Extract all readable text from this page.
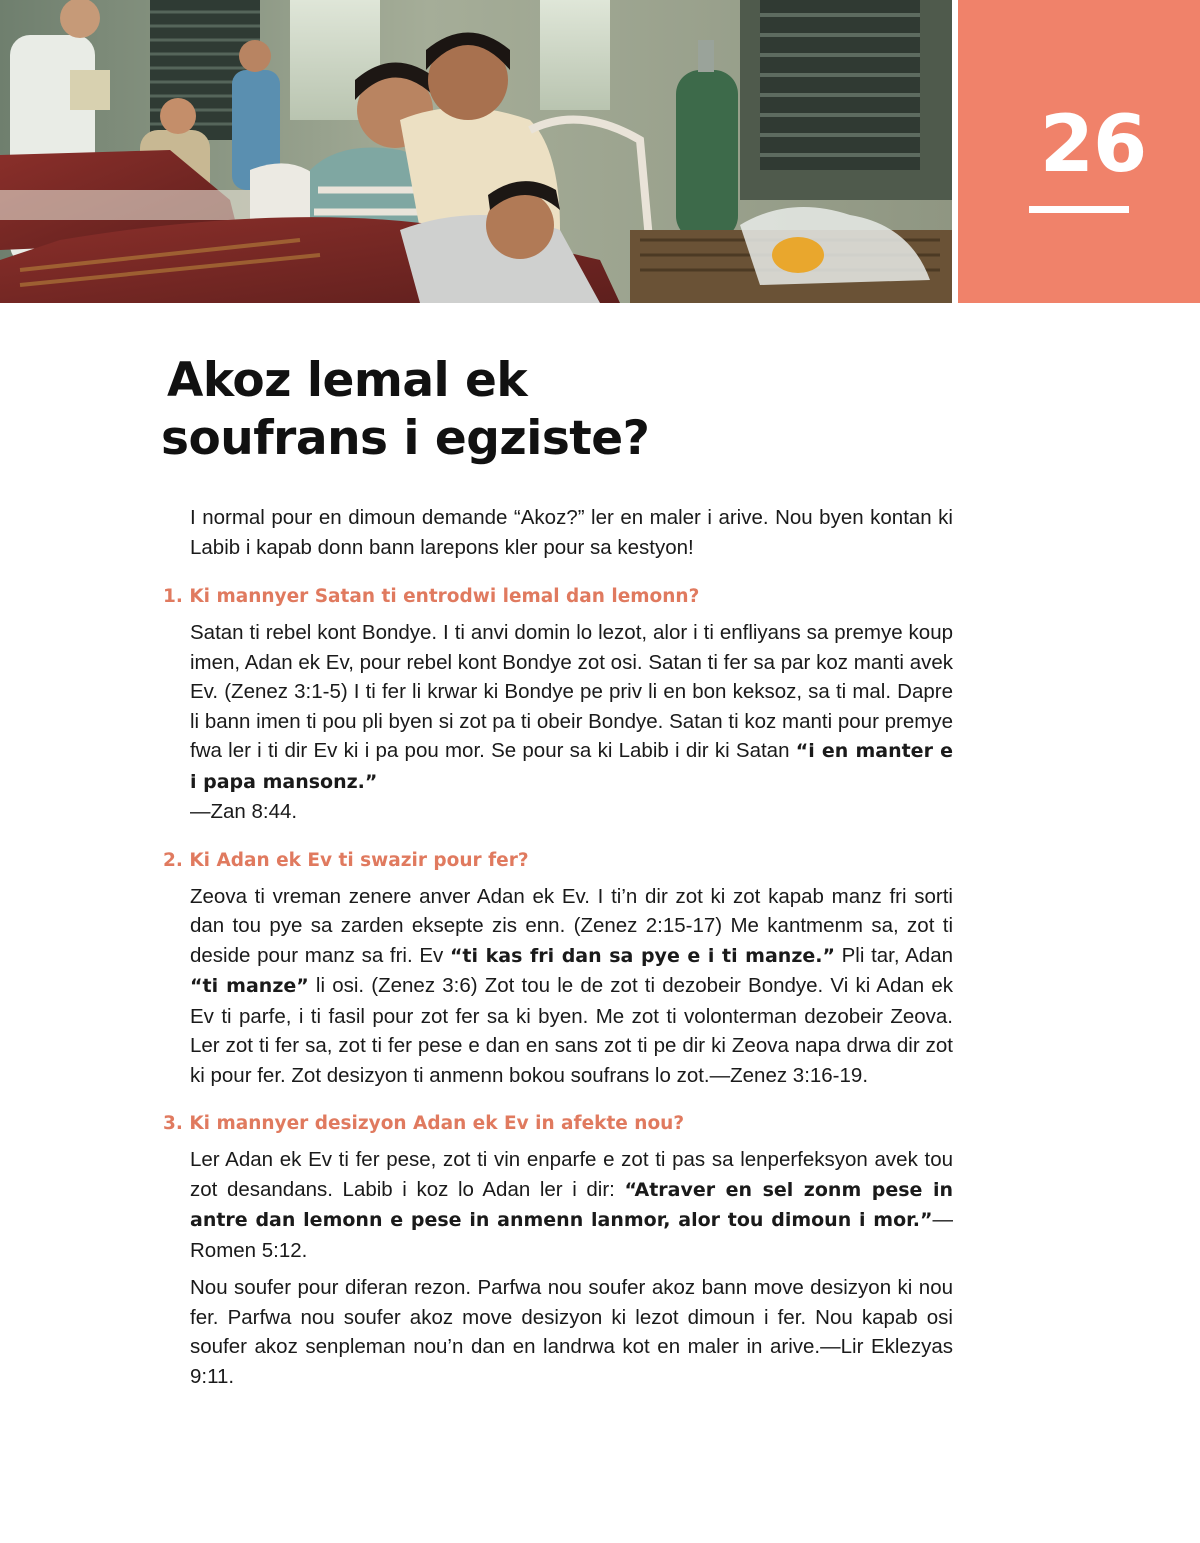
26
Akoz lemal ek
soufrans i egziste?

I normal pour en dimoun demande “Akoz?” ler en maler i arive. Nou byen kontan ki Labib i kapab donn bann larepons kler pour sa kestyon!

1. Ki mannyer Satan ti entrodwi lemal dan lemonn?

Satan ti rebel kont Bondye. I ti anvi domin lo lezot, alor i ti enfliyans sa premye koup imen, Adan ek Ev, pour rebel kont Bondye zot osi. Satan ti fer sa par koz manti avek Ev. (Zenez 3:1-5) I ti fer li krwar ki Bondye pe priv li en bon keksoz, sa ti mal. Dapre li bann imen ti pou pli byen si zot pa ti obeir Bondye. Satan ti koz manti pour premye fwa ler i ti dir Ev ki i pa pou mor. Se pour sa ki Labib i dir ki Satan “i en manter e i papa mansonz.”
—Zan 8:44.

2. Ki Adan ek Ev ti swazir pour fer?

Zeova ti vreman zenere anver Adan ek Ev. I ti’n dir zot ki zot kapab manz fri sorti dan tou pye sa zarden eksepte zis enn. (Zenez 2:15-17) Me kantmenm sa, zot ti deside pour manz sa fri. Ev “ti kas fri dan sa pye e i ti manze.” Pli tar, Adan “ti manze” li osi. (Zenez 3:6) Zot tou le de zot ti dezobeir Bondye. Vi ki Adan ek Ev ti parfe, i ti fasil pour zot fer sa ki byen. Me zot ti volonterman dezobeir Zeova. Ler zot ti fer sa, zot ti fer pese e dan en sans zot ti pe dir ki Zeova napa drwa dir zot ki pour fer. Zot desizyon ti anmenn bokou soufrans lo zot.—Zenez 3:16-19.

3. Ki mannyer desizyon Adan ek Ev in afekte nou?

Ler Adan ek Ev ti fer pese, zot ti vin enparfe e zot ti pas sa lenperfeksyon avek tou zot desandans. Labib i koz lo Adan ler i dir: “Atraver en sel zonm pese in antre dan lemonn e pese in anmenn lanmor, alor tou dimoun i mor.”—Romen 5:12.

Nou soufer pour diferan rezon. Parfwa nou soufer akoz bann move desizyon ki nou fer. Parfwa nou soufer akoz move desizyon ki lezot dimoun i fer. Nou kapab osi soufer akoz senpleman nou’n dan en landrwa kot en maler in arive.—Lir Eklezyas 9:11.
